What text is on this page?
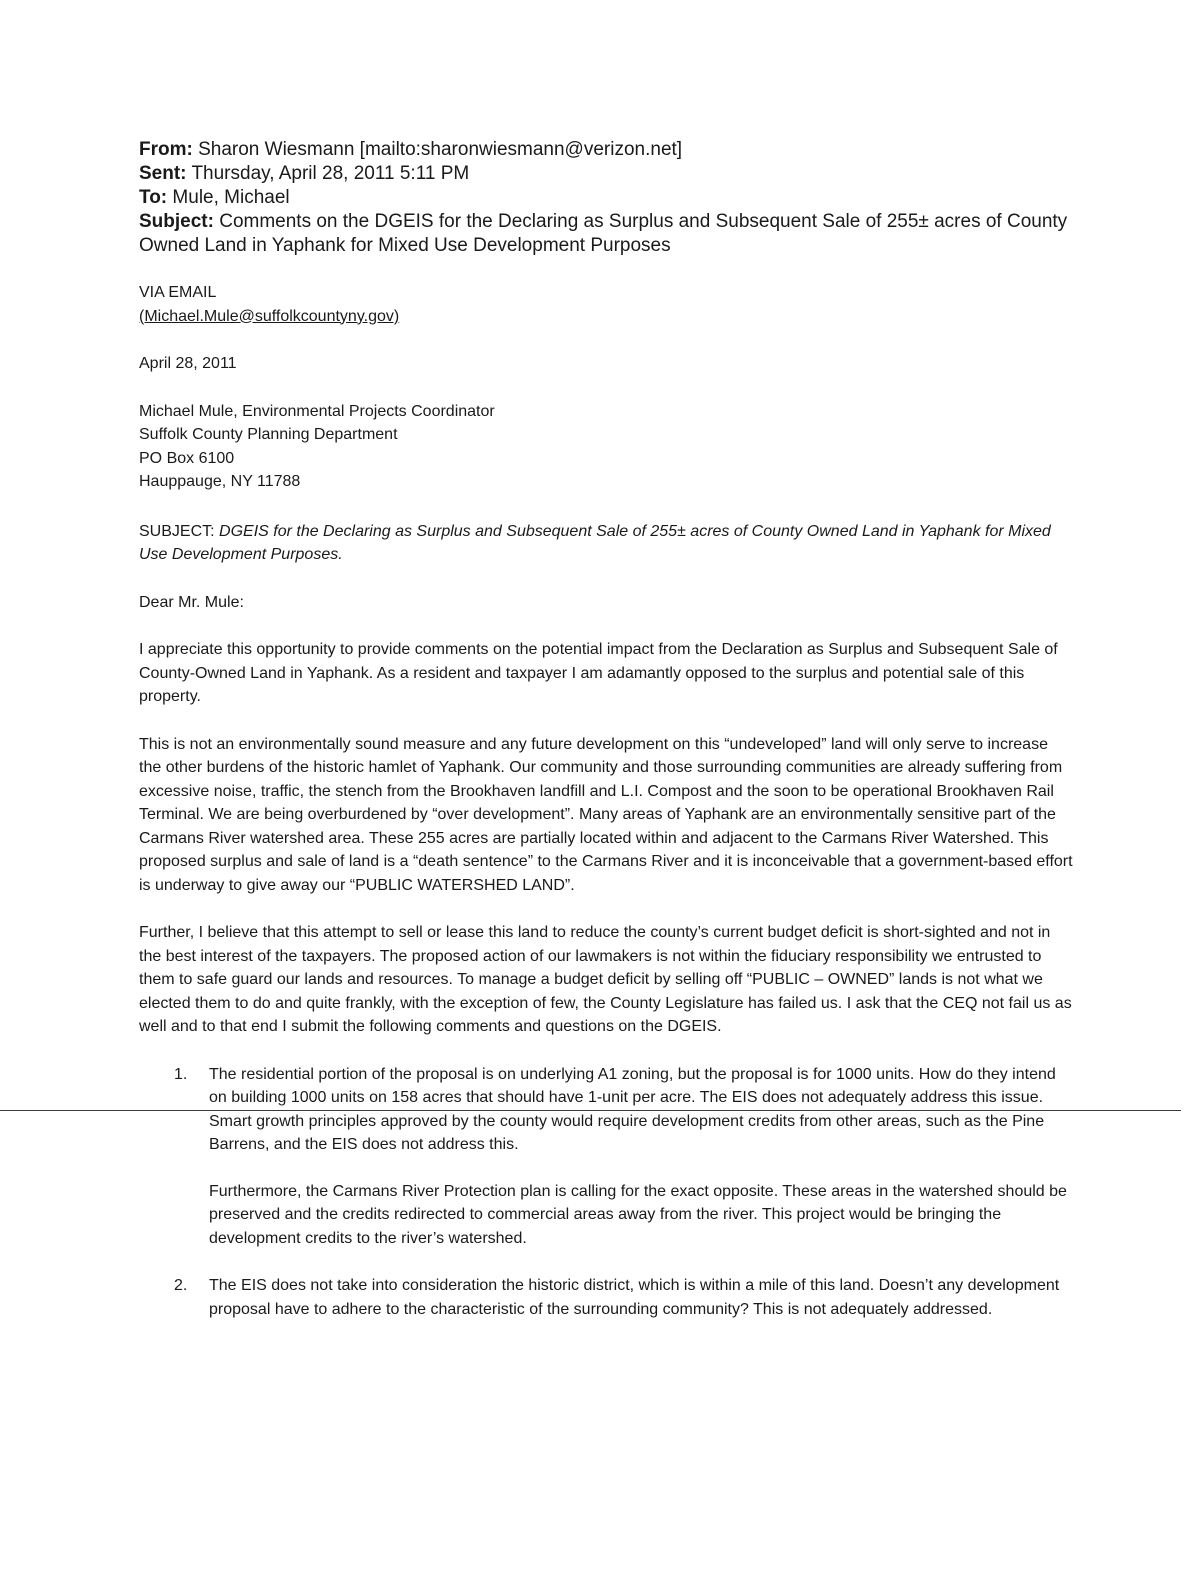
From: Sharon Wiesmann [mailto:sharonwiesmann@verizon.net]

Sent: Thursday, April 28, 2011 5:11 PM

To: Mule, Michael

Subject: Comments on the DGEIS for the Declaring as Surplus and Subsequent Sale of 255± acres of County Owned Land in Yaphank for Mixed Use Development Purposes

VIA EMAIL

(Michael.Mule@suffolkcountyny.gov)

April 28, 2011

Michael Mule, Environmental Projects Coordinator

Suffolk County Planning Department

PO Box 6100

Hauppauge, NY 11788

SUBJECT: DGEIS for the Declaring as Surplus and Subsequent Sale of 255± acres of County Owned Land in Yaphank for Mixed Use Development Purposes.

Dear Mr. Mule:

I appreciate this opportunity to provide comments on the potential impact from the Declaration as Surplus and Subsequent Sale of County-Owned Land in Yaphank. As a resident and taxpayer I am adamantly opposed to the surplus and potential sale of this property.

This is not an environmentally sound measure and any future development on this “undeveloped” land will only serve to increase the other burdens of the historic hamlet of Yaphank. Our community and those surrounding communities are already suffering from excessive noise, traffic, the stench from the Brookhaven landfill and L.I. Compost and the soon to be operational Brookhaven Rail Terminal. We are being overburdened by “over development”. Many areas of Yaphank are an environmentally sensitive part of the Carmans River watershed area. These 255 acres are partially located within and adjacent to the Carmans River Watershed. This proposed surplus and sale of land is a “death sentence” to the Carmans River and it is inconceivable that a government-based effort is underway to give away our “PUBLIC WATERSHED LAND”.

Further, I believe that this attempt to sell or lease this land to reduce the county’s current budget deficit is short-sighted and not in the best interest of the taxpayers. The proposed action of our lawmakers is not within the fiduciary responsibility we entrusted to them to safe guard our lands and resources. To manage a budget deficit by selling off “PUBLIC – OWNED” lands is not what we elected them to do and quite frankly, with the exception of few, the County Legislature has failed us. I ask that the CEQ not fail us as well and to that end I submit the following comments and questions on the DGEIS.

1. The residential portion of the proposal is on underlying A1 zoning, but the proposal is for 1000 units. How do they intend on building 1000 units on 158 acres that should have 1-unit per acre. The EIS does not adequately address this issue. Smart growth principles approved by the county would require development credits from other areas, such as the Pine Barrens, and the EIS does not address this.

Furthermore, the Carmans River Protection plan is calling for the exact opposite. These areas in the watershed should be preserved and the credits redirected to commercial areas away from the river. This project would be bringing the development credits to the river’s watershed.

2. The EIS does not take into consideration the historic district, which is within a mile of this land. Doesn’t any development proposal have to adhere to the characteristic of the surrounding community? This is not adequately addressed.
